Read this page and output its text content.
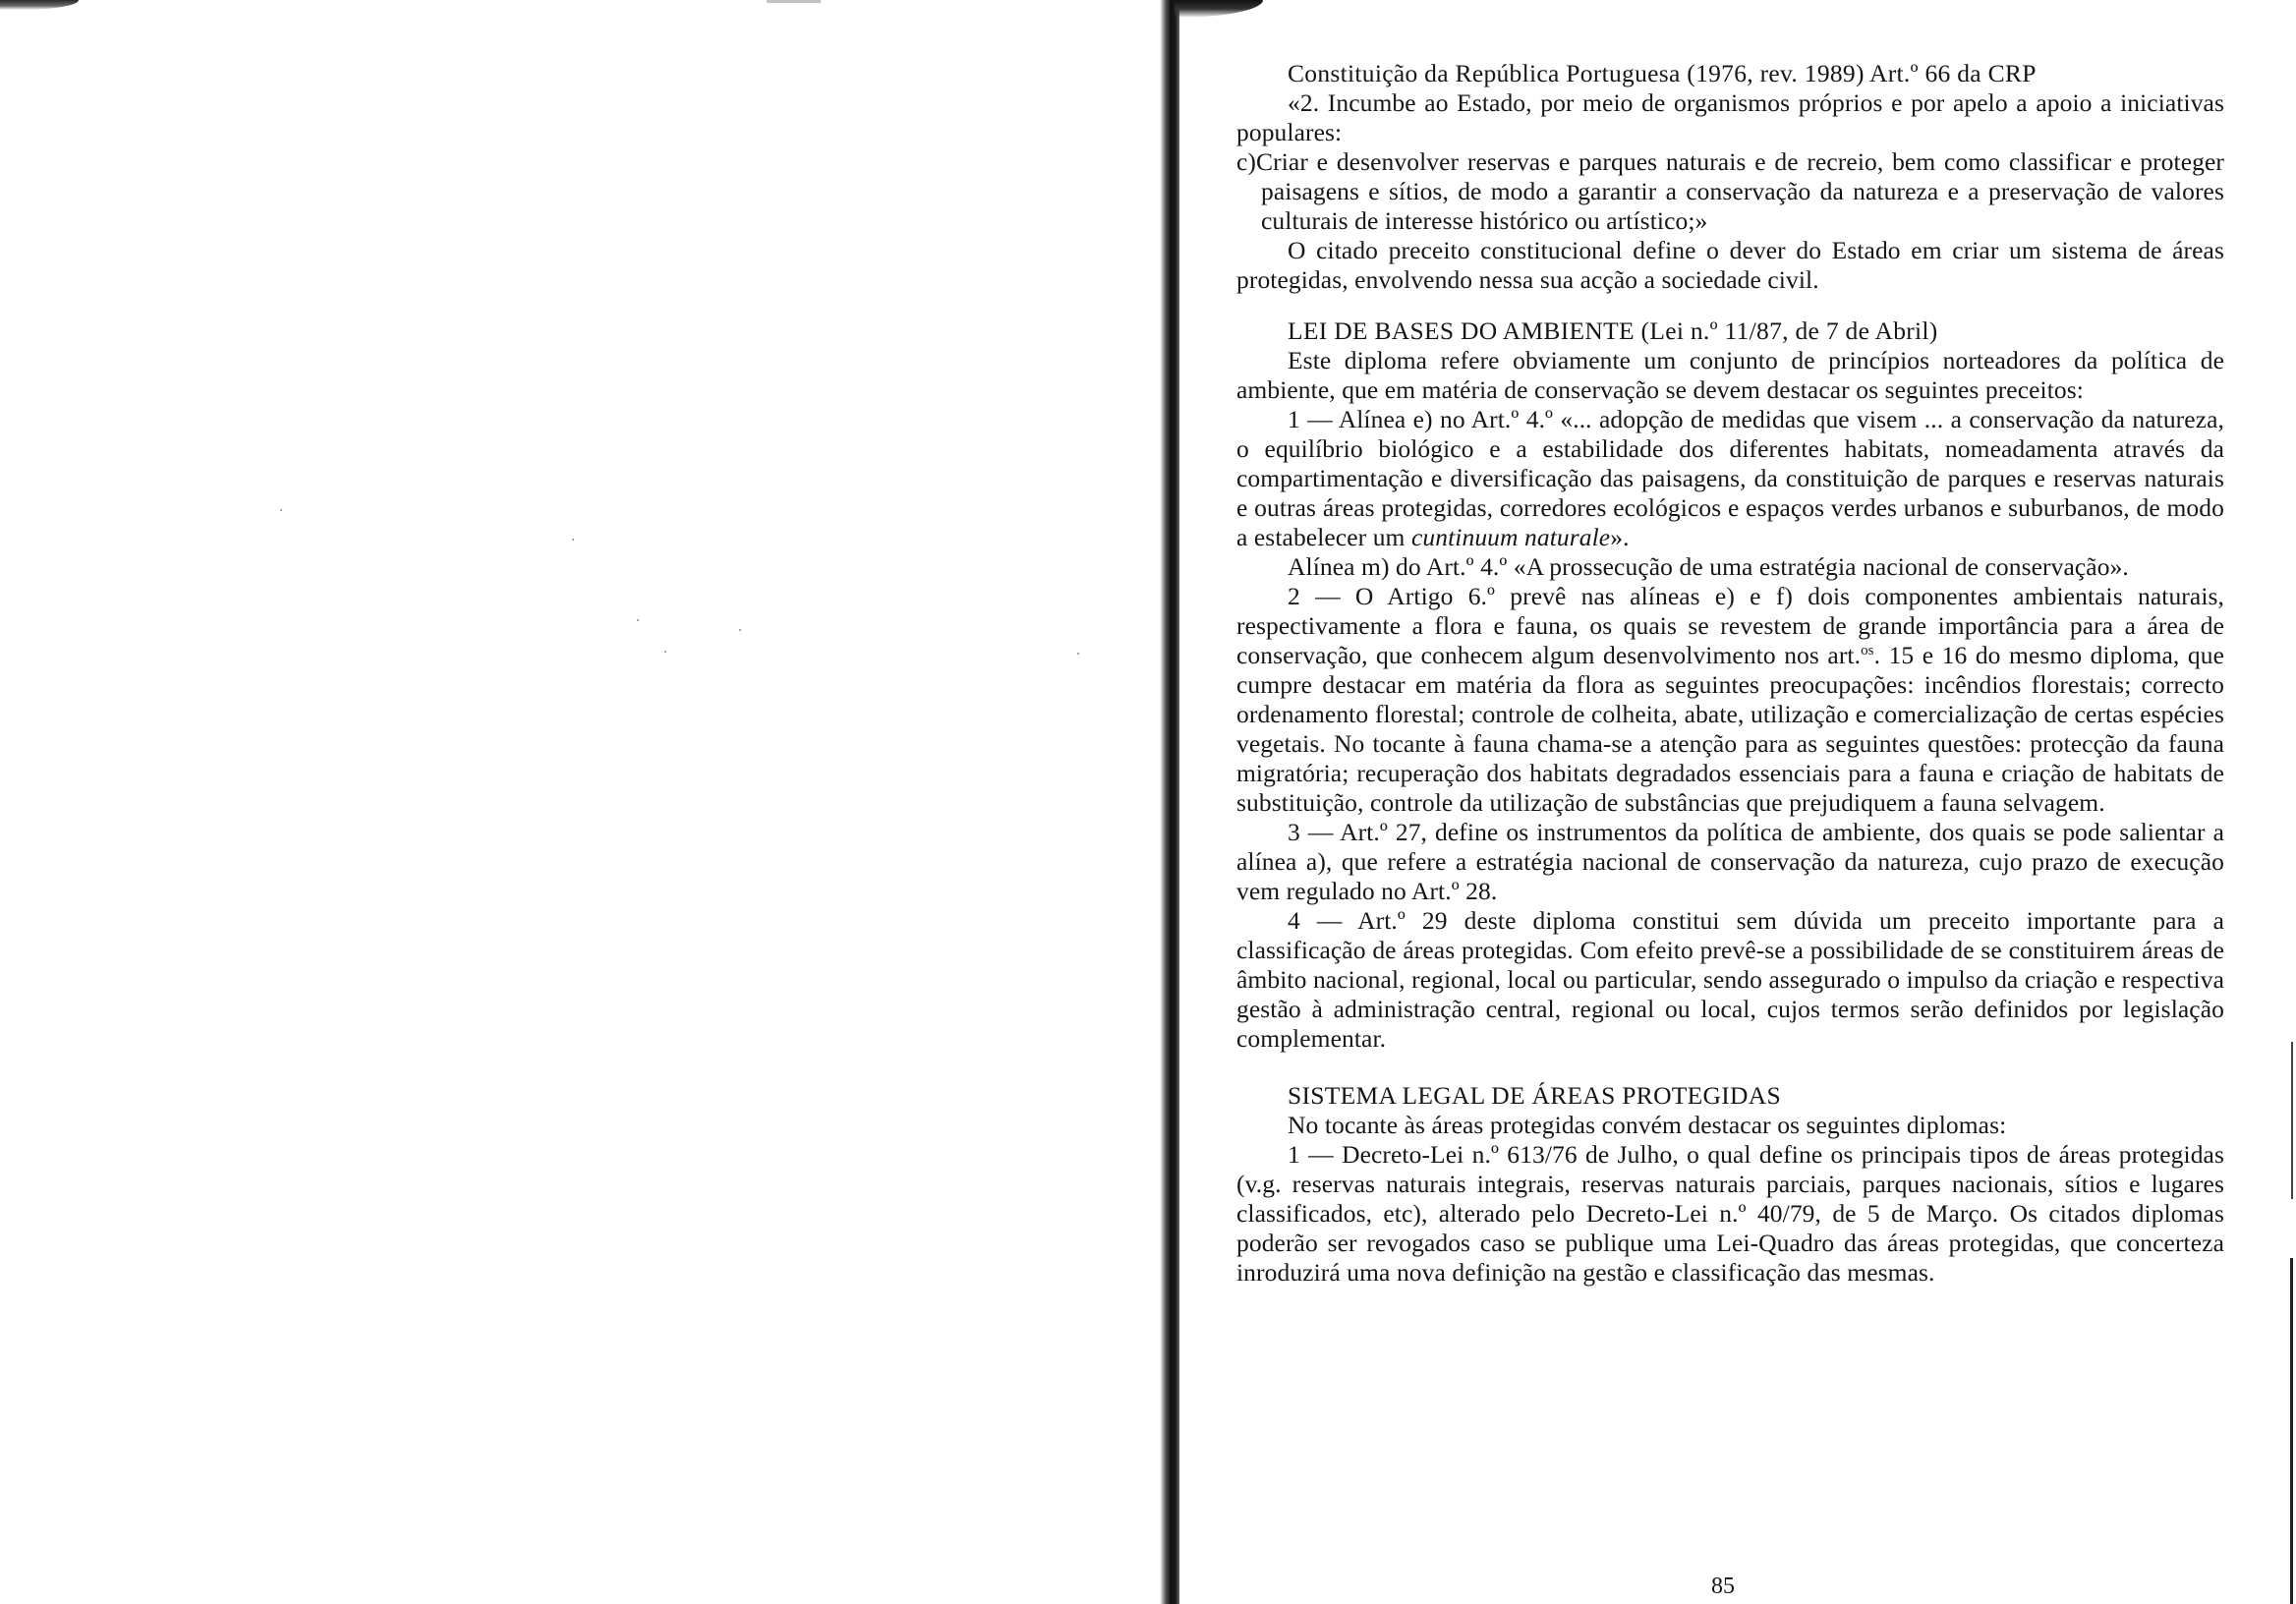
Constituição da República Portuguesa (1976, rev. 1989) Art.º 66 da CRP

«2. Incumbe ao Estado, por meio de organismos próprios e por apelo a apoio a iniciativas populares:

c)Criar e desenvolver reservas e parques naturais e de recreio, bem como classificar e proteger paisagens e sítios, de modo a garantir a conservação da natureza e a preservação de valores culturais de interesse histórico ou artístico;»

O citado preceito constitucional define o dever do Estado em criar um sistema de áreas protegidas, envolvendo nessa sua acção a sociedade civil.

LEI DE BASES DO AMBIENTE (Lei n.º 11/87, de 7 de Abril)

Este diploma refere obviamente um conjunto de princípios norteadores da política de ambiente, que em matéria de conservação se devem destacar os seguintes preceitos:

1 — Alínea e) no Art.º 4.º «... adopção de medidas que visem ... a conservação da natureza, o equilíbrio biológico e a estabilidade dos diferentes habitats, nomeadamenta através da compartimentação e diversificação das paisagens, da constituição de parques e reservas naturais e outras áreas protegidas, corredores ecológicos e espaços verdes urbanos e suburbanos, de modo a estabelecer um cuntinuum naturale».

Alínea m) do Art.º 4.º «A prossecução de uma estratégia nacional de conservação».

2 — O Artigo 6.º prevê nas alíneas e) e f) dois componentes ambientais naturais, respectivamente a flora e fauna, os quais se revestem de grande importância para a área de conservação, que conhecem algum desenvolvimento nos art.$^{os}$. 15 e 16 do mesmo diploma, que cumpre destacar em matéria da flora as seguintes preocupações: incêndios florestais; correcto ordenamento florestal; controle de colheita, abate, utilização e comercialização de certas espécies vegetais. No tocante à fauna chama-se a atenção para as seguintes questões: protecção da fauna migratória; recuperação dos habitats degradados essenciais para a fauna e criação de habitats de substituição, controle da utilização de substâncias que prejudiquem a fauna selvagem.

3 — Art.º 27, define os instrumentos da política de ambiente, dos quais se pode salientar a alínea a), que refere a estratégia nacional de conservação da natureza, cujo prazo de execução vem regulado no Art.º 28.

4 — Art.º 29 deste diploma constitui sem dúvida um preceito importante para a classificação de áreas protegidas. Com efeito prevê-se a possibilidade de se constituirem áreas de âmbito nacional, regional, local ou particular, sendo assegurado o impulso da criação e respectiva gestão à administração central, regional ou local, cujos termos serão definidos por legislação complementar.

SISTEMA LEGAL DE ÁREAS PROTEGIDAS

No tocante às áreas protegidas convém destacar os seguintes diplomas:

1 — Decreto-Lei n.º 613/76 de Julho, o qual define os principais tipos de áreas protegidas (v.g. reservas naturais integrais, reservas naturais parciais, parques nacionais, sítios e lugares classificados, etc), alterado pelo Decreto-Lei n.º 40/79, de 5 de Março. Os citados diplomas poderão ser revogados caso se publique uma Lei-Quadro das áreas protegidas, que concerteza inroduzirá uma nova definição na gestão e classificação das mesmas.

85
